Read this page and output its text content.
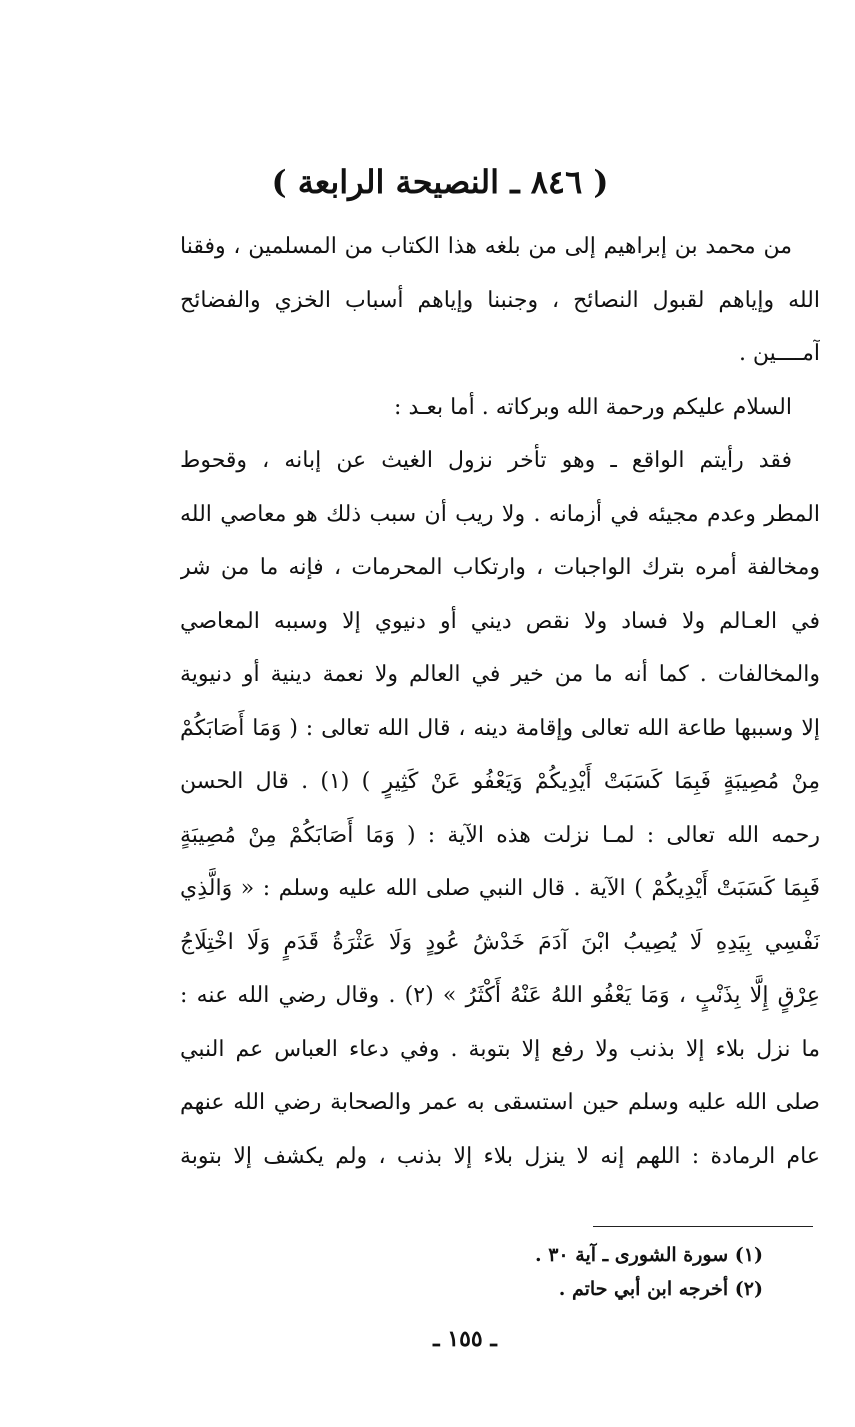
( ٨٤٦ ـ النصيحة الرابعة )
من محمد بن إبراهيم إلى من بلغه هذا الكتاب من المسلمين ، وفقنا
الله وإياهم لقبول النصائح ، وجنبنا وإياهم أسباب الخزي والفضائح
آمــــين .
السلام عليكم ورحمة الله وبركاته . أما بعـد :
فقد رأيتم الواقع ـ وهو تأخر نزول الغيث عن إبانه ، وقحوط
المطر وعدم مجيئه في أزمانه . ولا ريب أن سبب ذلك هو معاصي الله
ومخالفة أمره بترك الواجبات ، وارتكاب المحرمات ، فإنه ما من شر
في العـالم ولا فساد ولا نقص ديني أو دنيوي إلا وسببه المعاصي
والمخالفات . كما أنه ما من خير في العالم ولا نعمة دينية أو دنيوية
إلا وسببها طاعة الله تعالى وإقامة دينه ، قال الله تعالى : ( وَمَا أَصَابَكُمْ
مِنْ مُصِيبَةٍ فَبِمَا كَسَبَتْ أَيْدِيكُمْ وَيَعْفُو عَنْ كَثِيرٍ ) (١) . قال الحسن
رحمه الله تعالى : لمـا نزلت هذه الآية : ( وَمَا أَصَابَكُمْ مِنْ مُصِيبَةٍ
فَبِمَا كَسَبَتْ أَيْدِيكُمْ ) الآية . قال النبي صلى الله عليه وسلم : « وَالَّذِي
نَفْسِي بِيَدِهِ لَا يُصِيبُ ابْنَ آدَمَ خَدْشُ عُودٍ وَلَا عَثْرَةُ قَدَمٍ وَلَا اخْتِلَاجُ
عِرْقٍ إِلَّا بِذَنْبٍ ، وَمَا يَعْفُو اللهُ عَنْهُ أَكْثَرُ » (٢) . وقال رضي الله عنه :
ما نزل بلاء إلا بذنب ولا رفع إلا بتوبة . وفي دعاء العباس عم النبي
صلى الله عليه وسلم حين استسقى به عمر والصحابة رضي الله عنهم
عام الرمادة : اللهم إنه لا ينزل بلاء إلا بذنب ، ولم يكشف إلا بتوبة
(١) سورة الشورى ـ آية ٣٠ .
(٢) أخرجه ابن أبي حاتم .
ـ ١٥٥ ـ
